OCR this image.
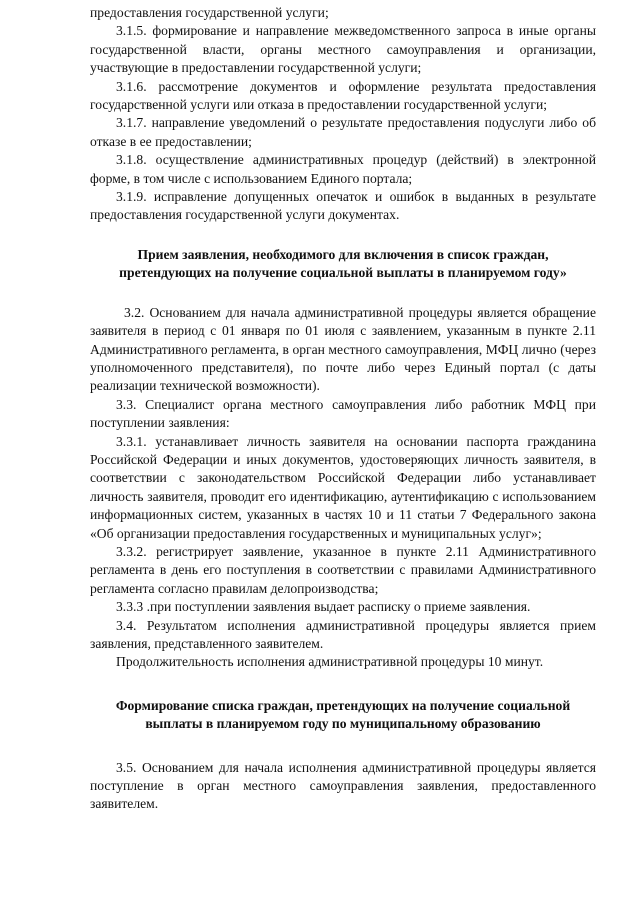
предоставления государственной услуги;

3.1.5. формирование и направление межведомственного запроса в иные органы государственной власти, органы местного самоуправления и организации, участвующие в предоставлении государственной услуги;

3.1.6. рассмотрение документов и оформление результата предоставления государственной услуги или отказа в предоставлении государственной услуги;

3.1.7. направление уведомлений о результате предоставления подуслуги либо об отказе в ее предоставлении;

3.1.8. осуществление административных процедур (действий) в электронной форме, в том числе с использованием Единого портала;

3.1.9. исправление допущенных опечаток и ошибок в выданных в результате предоставления государственной услуги документах.

Прием заявления, необходимого для включения в список граждан, претендующих на получение социальной выплаты в планируемом году»

3.2. Основанием для начала административной процедуры является обращение заявителя в период с 01 января по 01 июля с заявлением, указанным в пункте 2.11 Административного регламента, в орган местного самоуправления, МФЦ лично (через уполномоченного представителя), по почте либо через Единый портал (с даты реализации технической возможности).

3.3. Специалист органа местного самоуправления либо работник МФЦ при поступлении заявления:

3.3.1. устанавливает личность заявителя на основании паспорта гражданина Российской Федерации и иных документов, удостоверяющих личность заявителя, в соответствии с законодательством Российской Федерации либо устанавливает личность заявителя, проводит его идентификацию, аутентификацию с использованием информационных систем, указанных в частях 10 и 11 статьи 7 Федерального закона «Об организации предоставления государственных и муниципальных услуг»;

3.3.2. регистрирует заявление, указанное в пункте 2.11 Административного регламента в день его поступления в соответствии с правилами Административного регламента согласно правилам делопроизводства;

3.3.3 .при поступлении заявления выдает расписку о приеме заявления.

3.4. Результатом исполнения административной процедуры является прием заявления, представленного заявителем.

Продолжительность исполнения административной процедуры 10 минут.

Формирование списка граждан, претендующих на получение социальной выплаты в планируемом году по муниципальному образованию

3.5. Основанием для начала исполнения административной процедуры является поступление в орган местного самоуправления заявления, предоставленного заявителем.
